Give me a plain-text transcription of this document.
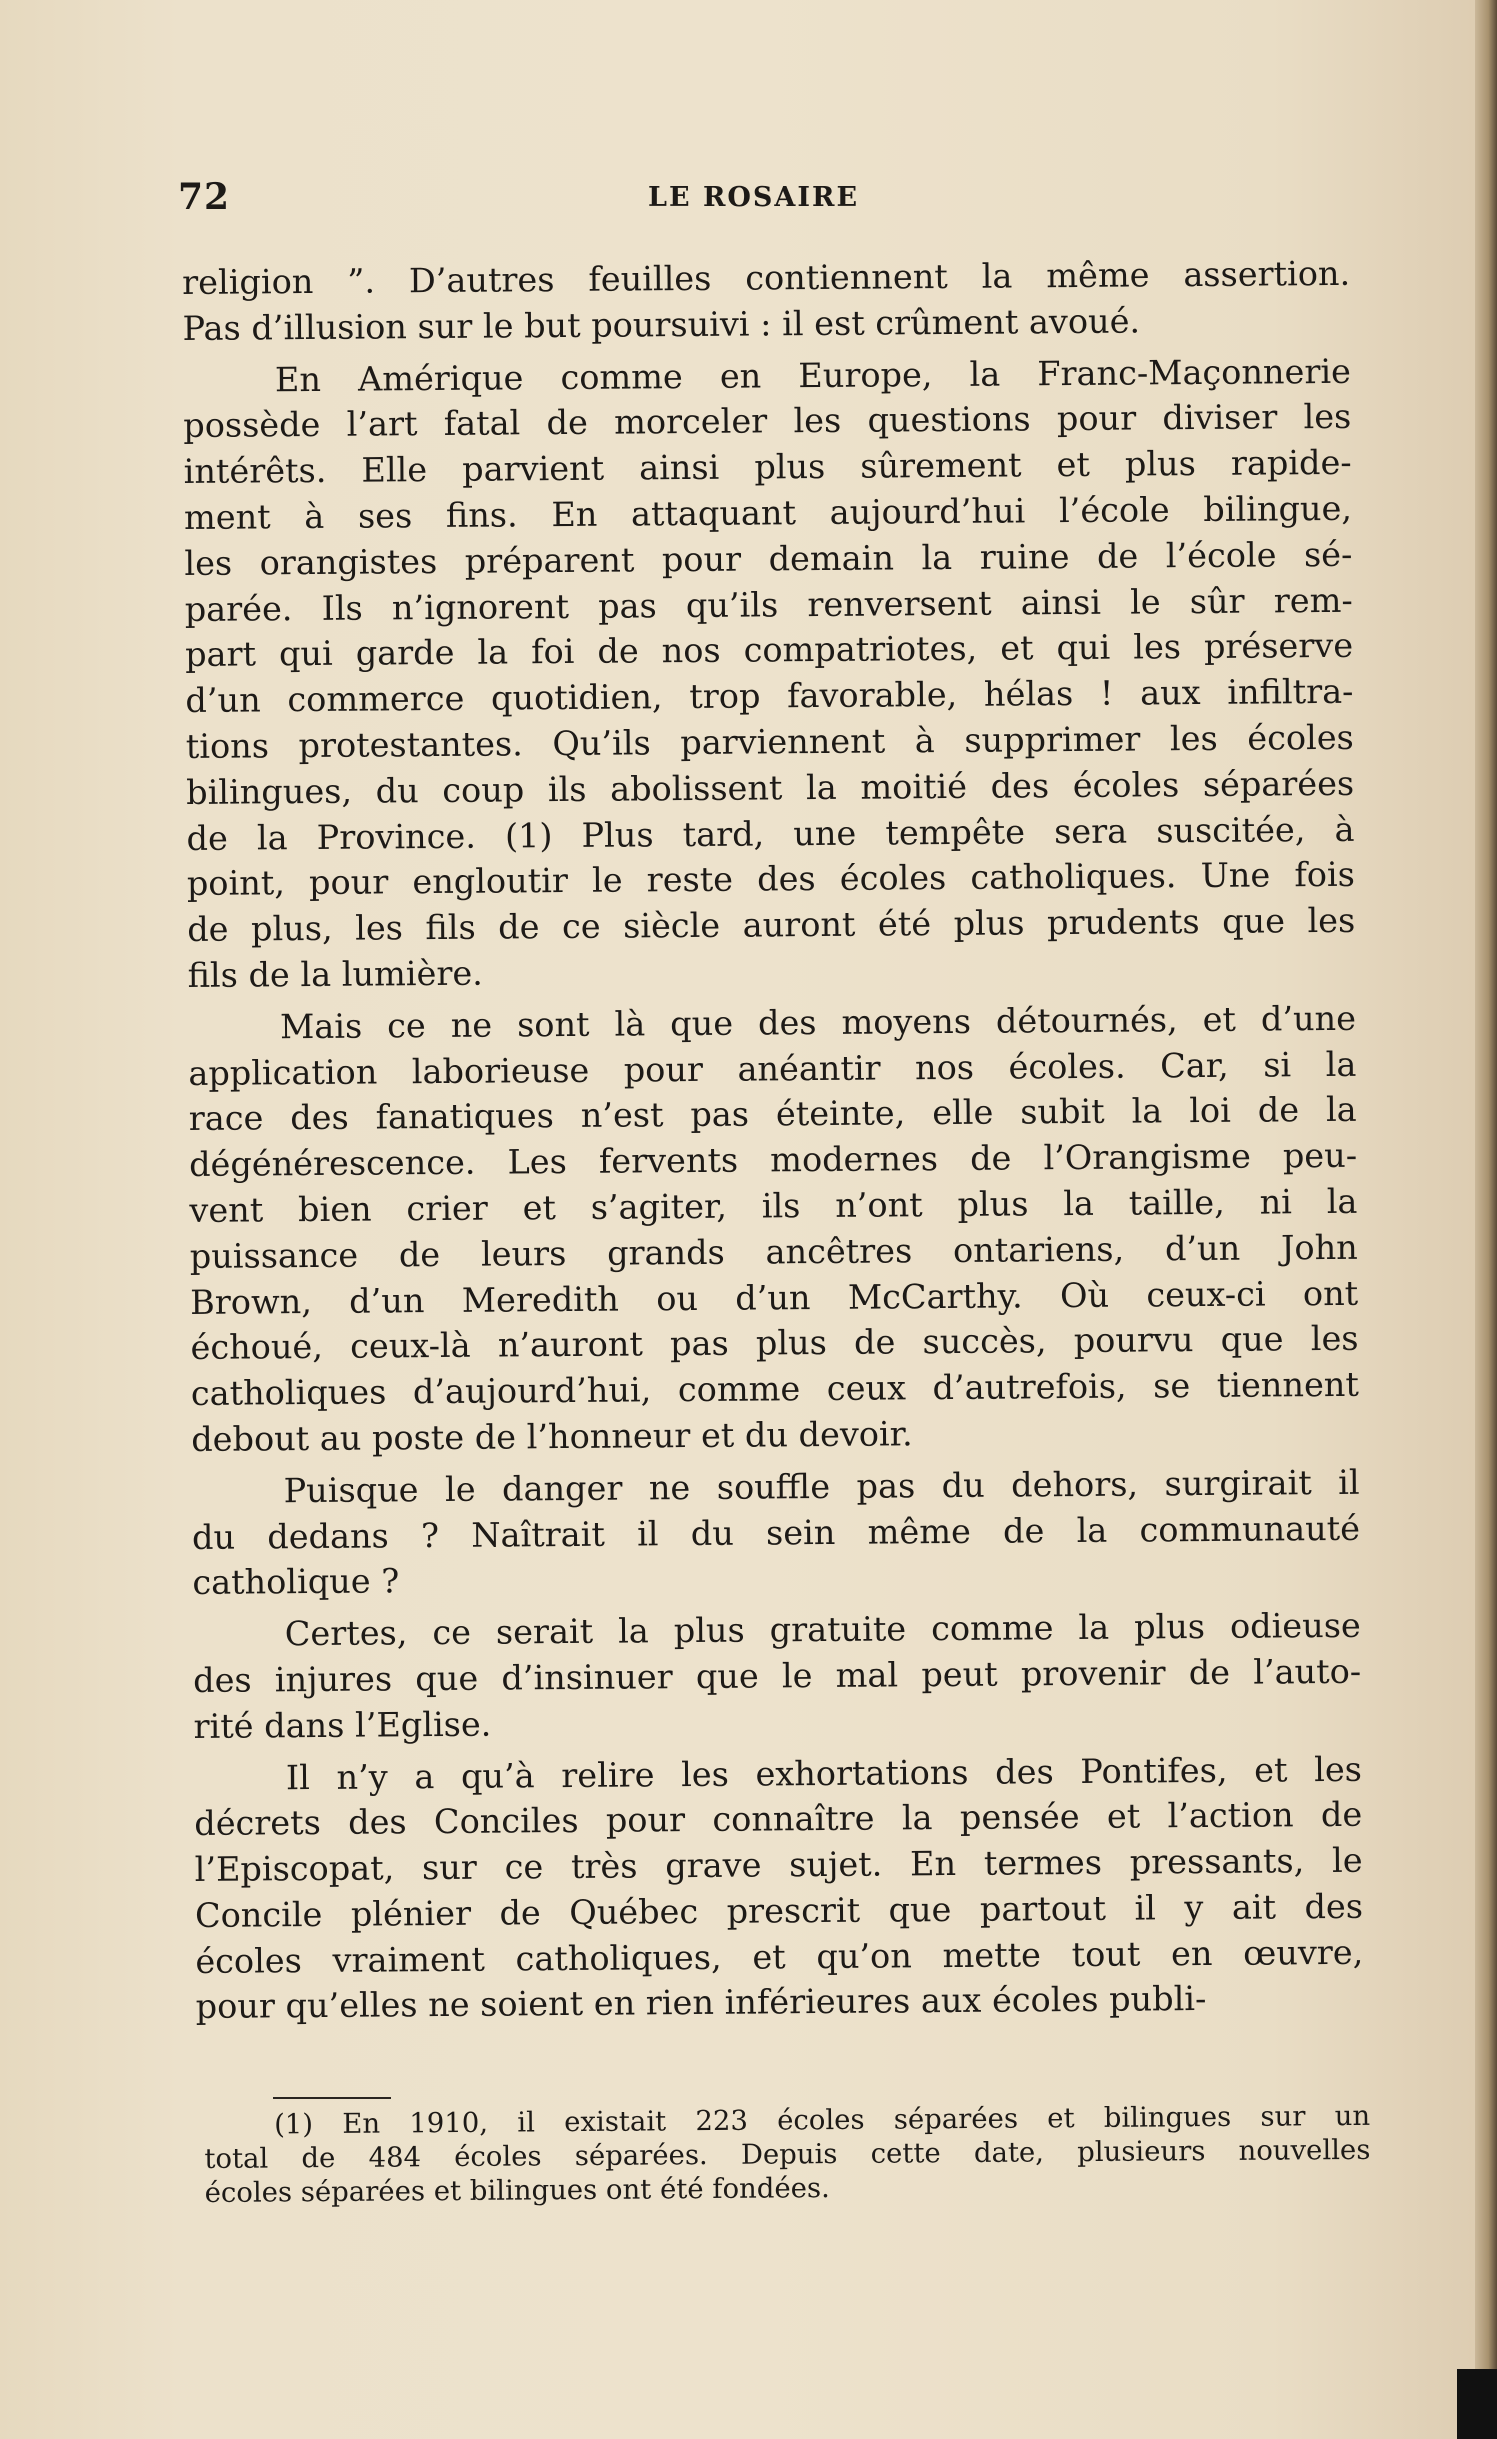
72	LE ROSAIRE

religion ”. D’autres feuilles contiennent la même assertion.
Pas d’illusion sur le but poursuivi : il est crûment avoué.

En Amérique comme en Europe, la Franc-Maçonnerie
possède l’art fatal de morceler les questions pour diviser les
intérêts. Elle parvient ainsi plus sûrement et plus rapide-
ment à ses fins. En attaquant aujourd’hui l’école bilingue,
les orangistes préparent pour demain la ruine de l’école sé-
parée. Ils n’ignorent pas qu’ils renversent ainsi le sûr rem-
part qui garde la foi de nos compatriotes, et qui les préserve
d’un commerce quotidien, trop favorable, hélas ! aux infiltra-
tions protestantes. Qu’ils parviennent à supprimer les écoles
bilingues, du coup ils abolissent la moitié des écoles séparées
de la Province. (1) Plus tard, une tempête sera suscitée, à
point, pour engloutir le reste des écoles catholiques. Une fois
de plus, les fils de ce siècle auront été plus prudents que les
fils de la lumière.

Mais ce ne sont là que des moyens détournés, et d’une
application laborieuse pour anéantir nos écoles. Car, si la
race des fanatiques n’est pas éteinte, elle subit la loi de la
dégénérescence. Les fervents modernes de l’Orangisme peu-
vent bien crier et s’agiter, ils n’ont plus la taille, ni la
puissance de leurs grands ancêtres ontariens, d’un John
Brown, d’un Meredith ou d’un McCarthy. Où ceux-ci ont
échoué, ceux-là n’auront pas plus de succès, pourvu que les
catholiques d’aujourd’hui, comme ceux d’autrefois, se tiennent
debout au poste de l’honneur et du devoir.

Puisque le danger ne souffle pas du dehors, surgirait il
du dedans ? Naîtrait il du sein même de la communauté
catholique ?

Certes, ce serait la plus gratuite comme la plus odieuse
des injures que d’insinuer que le mal peut provenir de l’auto-
rité dans l’Eglise.

Il n’y a qu’à relire les exhortations des Pontifes, et les
décrets des Conciles pour connaître la pensée et l’action de
l’Episcopat, sur ce très grave sujet. En termes pressants, le
Concile plénier de Québec prescrit que partout il y ait des
écoles vraiment catholiques, et qu’on mette tout en œuvre,
pour qu’elles ne soient en rien inférieures aux écoles publi-

(1) En 1910, il existait 223 écoles séparées et bilingues sur un
total de 484 écoles séparées. Depuis cette date, plusieurs nouvelles
écoles séparées et bilingues ont été fondées.
